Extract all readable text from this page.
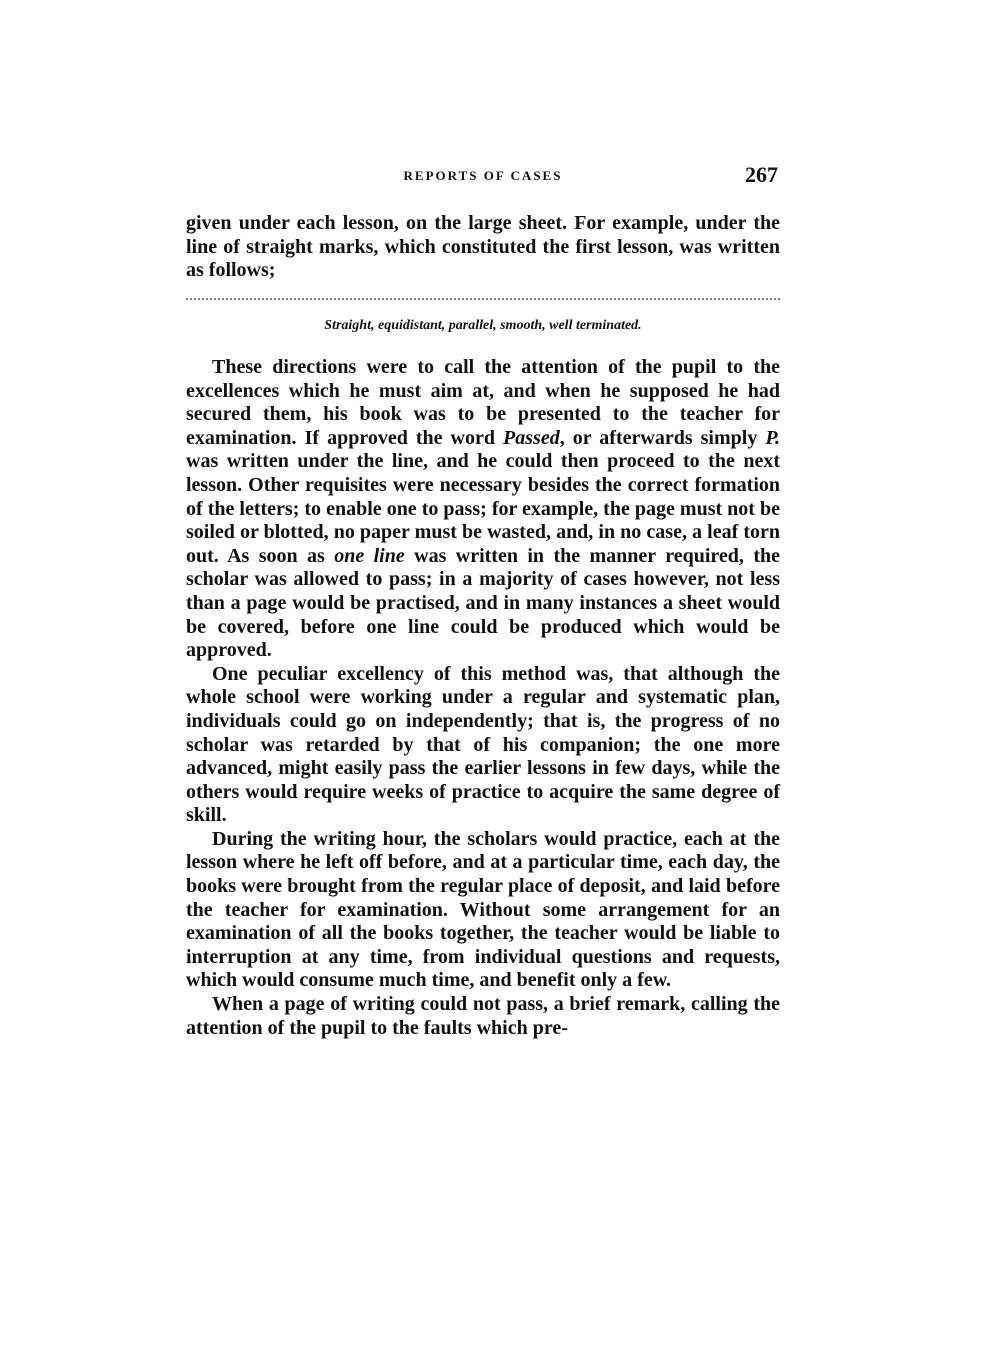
REPORTS OF CASES	267

given under each lesson, on the large sheet. For example, under the line of straight marks, which constituted the first lesson, was written as follows;

Straight, equidistant, parallel, smooth, well terminated.

These directions were to call the attention of the pupil to the excellences which he must aim at, and when he supposed he had secured them, his book was to be presented to the teacher for examination. If approved the word Passed, or afterwards simply P. was written under the line, and he could then proceed to the next lesson. Other requisites were necessary besides the correct formation of the letters; to enable one to pass; for example, the page must not be soiled or blotted, no paper must be wasted, and, in no case, a leaf torn out. As soon as one line was written in the manner required, the scholar was allowed to pass; in a majority of cases however, not less than a page would be practised, and in many instances a sheet would be covered, before one line could be produced which would be approved.

One peculiar excellency of this method was, that although the whole school were working under a regular and systematic plan, individuals could go on independently; that is, the progress of no scholar was retarded by that of his companion; the one more advanced, might easily pass the earlier lessons in few days, while the others would require weeks of practice to acquire the same degree of skill.

During the writing hour, the scholars would practice, each at the lesson where he left off before, and at a particular time, each day, the books were brought from the regular place of deposit, and laid before the teacher for examination. Without some arrangement for an examination of all the books together, the teacher would be liable to interruption at any time, from individual questions and requests, which would consume much time, and benefit only a few.

When a page of writing could not pass, a brief remark, calling the attention of the pupil to the faults which pre-
